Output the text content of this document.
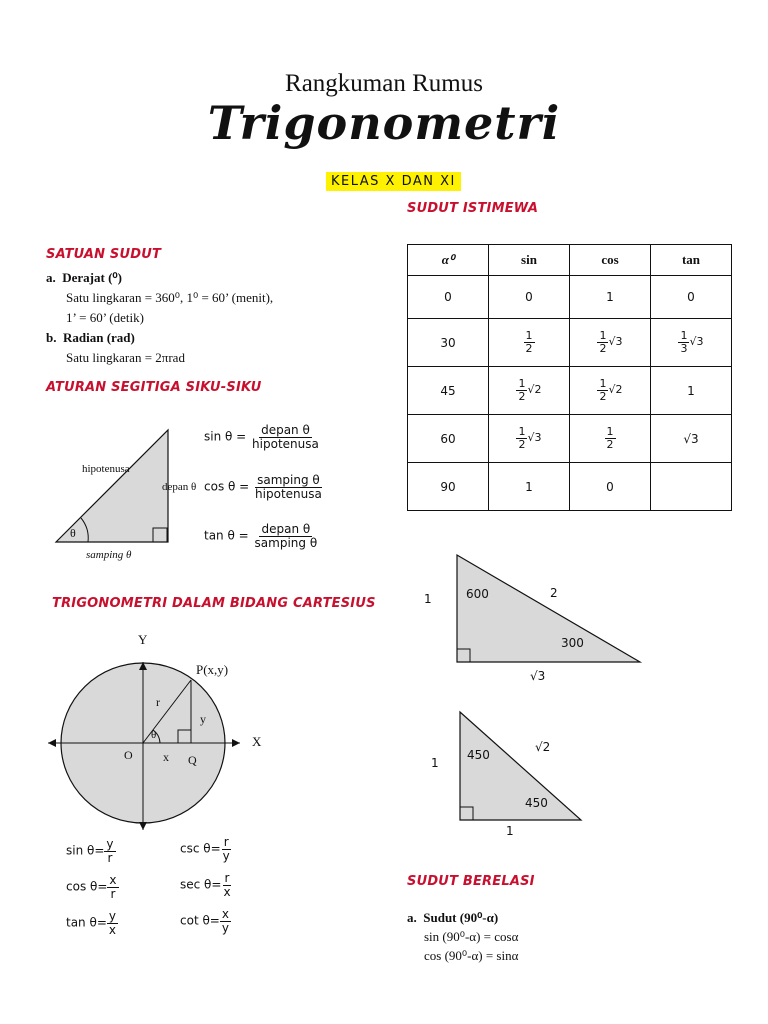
Rangkuman Rumus
Trigonometri
KELAS X DAN XI
SATUAN SUDUT
a. Derajat (⁰)
Satu lingkaran = 360⁰, 1⁰ = 60’ (menit),
1’ = 60’ (detik)
b. Radian (rad)
Satu lingkaran = 2πrad
ATURAN SEGITIGA SIKU-SIKU
hipotenusa
depan θ
samping θ
θ
$\sin \theta = \frac{\text{depan θ}}{\text{hipotenusa}}$
$\cos \theta = \frac{\text{samping θ}}{\text{hipotenusa}}$
$\tan \theta = \frac{\text{depan θ}}{\text{samping θ}}$
TRIGONOMETRI DALAM BIDANG CARTESIUS
Y
X
P(x,y)
r
y
x
O	Q
θ
$\sin \theta= \frac{y}{r}$	$\csc \theta= \frac{r}{y}$
$\cos \theta= \frac{x}{r}$	$\sec \theta= \frac{r}{x}$
$\tan \theta= \frac{y}{x}$	$\cot \theta= \frac{x}{y}$
SUDUT ISTIMEWA
α⁰	sin	cos	tan
0	0	1	0
30	$\frac{1}{2}$	$\frac{1}{2} √3$	$\frac{1}{3} √3$
45	$\frac{1}{2} √2$	$\frac{1}{2} √2$	1
60	$\frac{1}{2} √3$	$\frac{1}{2}$	√3
90	1	0	
1	600	2
300
√3
1
450
√2
450
1
SUDUT BERELASI
a. Sudut (90⁰-α)
sin (90⁰-α) = cosα
cos (90⁰-α) = sinα
